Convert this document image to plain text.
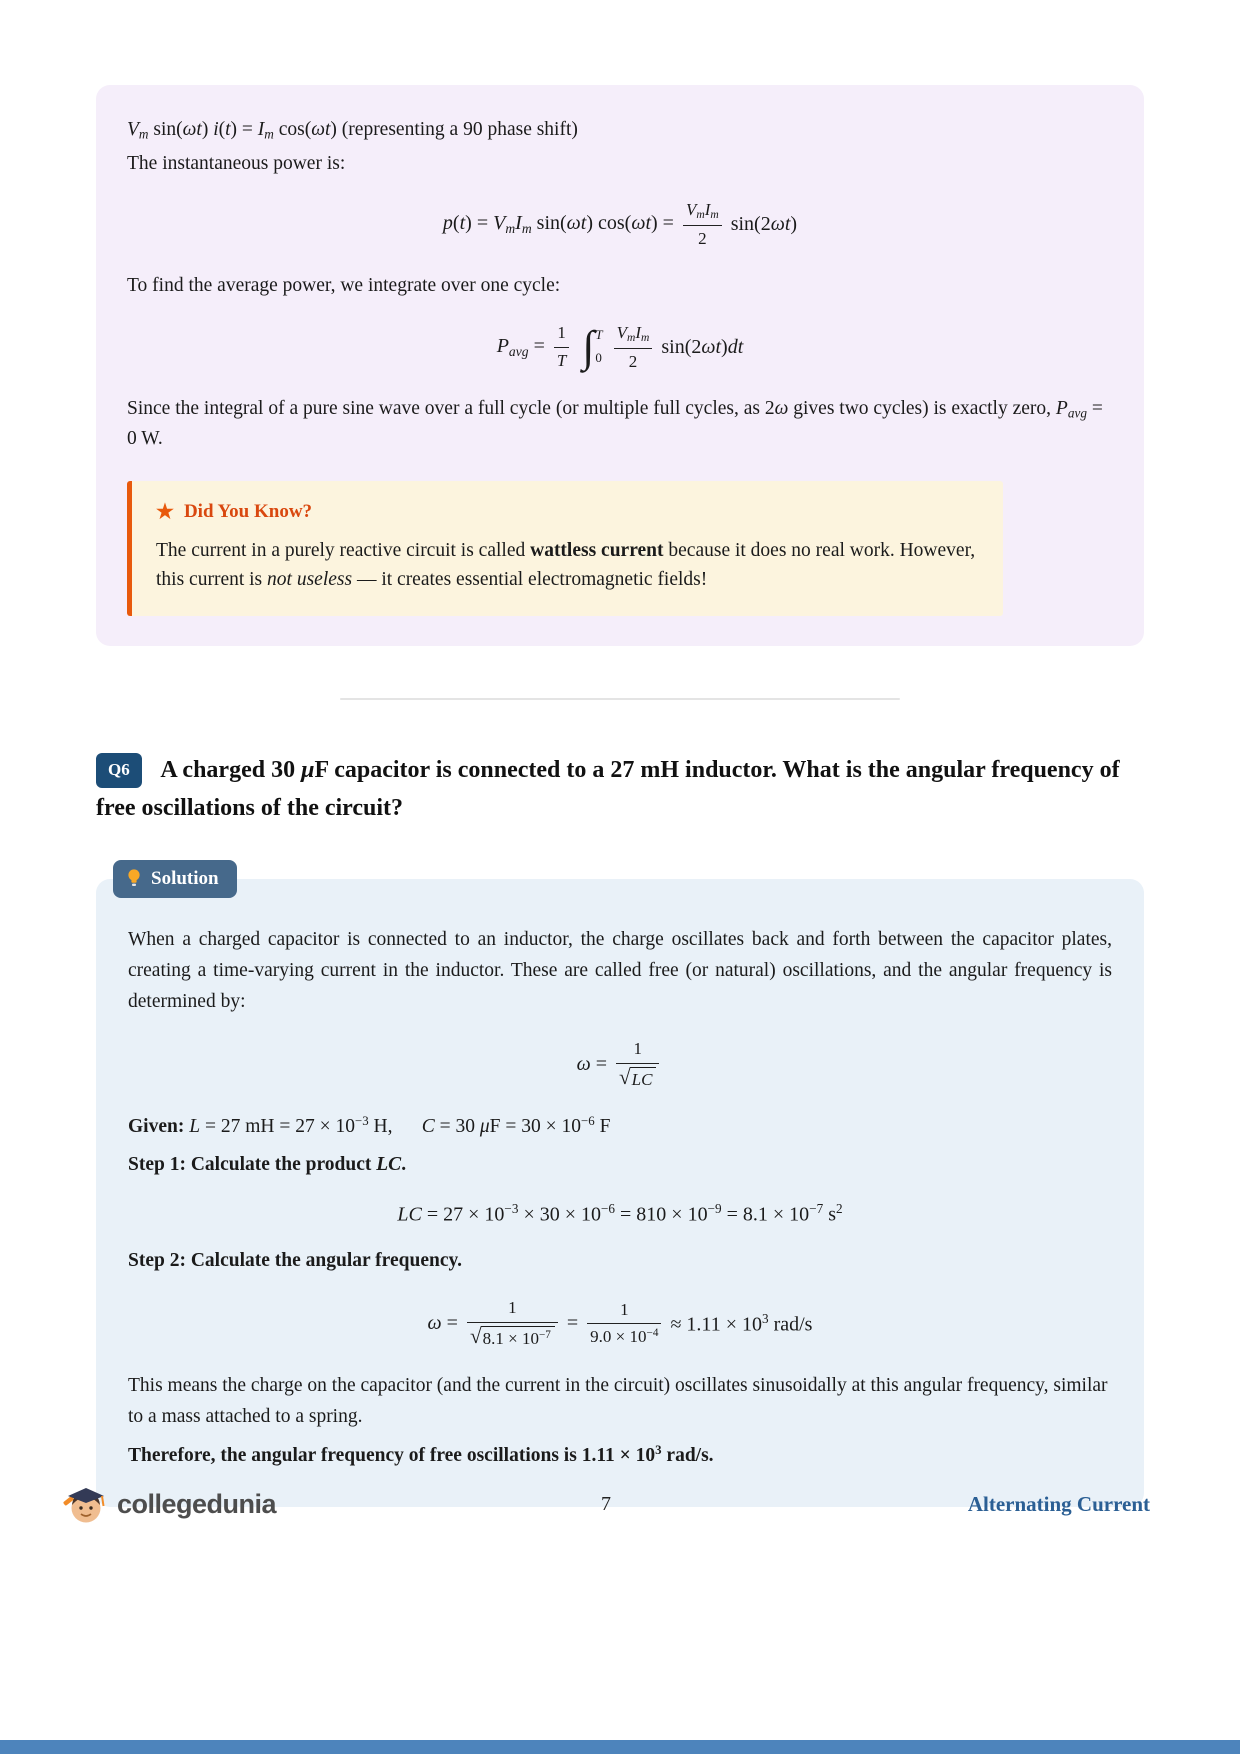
Vm sin(ωt) i(t) = Im cos(ωt) (representing a 90 phase shift)

The instantaneous power is:

p(t) = VmIm sin(ωt) $\cos(\omega t) = \frac{\text{VmIm}}{2} \sin(2\omega t)$

To find the average power, we integrate over one cycle:

Pavg = $\frac{1}{T}$ ∫ T
$0 \frac{\text{VmIm}}{2} \sin(2\omega t)dt$

Since the integral of a pure sine wave over a full cycle (or multiple full cycles, as 2ω gives two cycles) is exactly zero, Pavg = 0 W.

★ Did You Know?

The current in a purely reactive circuit is called wattless current because it does no real work. However, this current is not useless — it creates essential electromagnetic fields!

Q6 A charged 30 μF capacitor is connected to a 27 mH inductor. What is the angular frequency of free oscillations of the circuit?
Solution

When a charged capacitor is connected to an inductor, the charge oscillates back and forth between the capacitor plates, creating a time-varying current in the inductor. These are called free (or natural) oscillations, and the angular frequency is determined by:

$\omega = \frac{1}{√ LC}$

Given: L = 27 mH = $27 \times 10^{-3}$ H,  C = 30 $\mu F = 30 \times 10^{-6}$ F

Step 1: Calculate the product LC.

LC = $27 \times 10^{-3} \times 30 \times 10^{-6} = 810 \times 10^{-9} = 8.1 \times 10^{-7}$ $s^2$

Step 2: Calculate the angular frequency.

$\omega = \frac{1}{√ 8.1 \times 10^{-7}} = \frac{1}{9.0 \times 10^{-4}} \approx 1.11 \times 10^3$ rad/s

This means the charge on the capacitor (and the current in the circuit) oscillates sinusoidally at this angular frequency, similar to a mass attached to a spring.

Therefore, the angular frequency of free oscillations is $1.11 \times 10^3$ rad/s.

collegedunia	7	Alternating Current
